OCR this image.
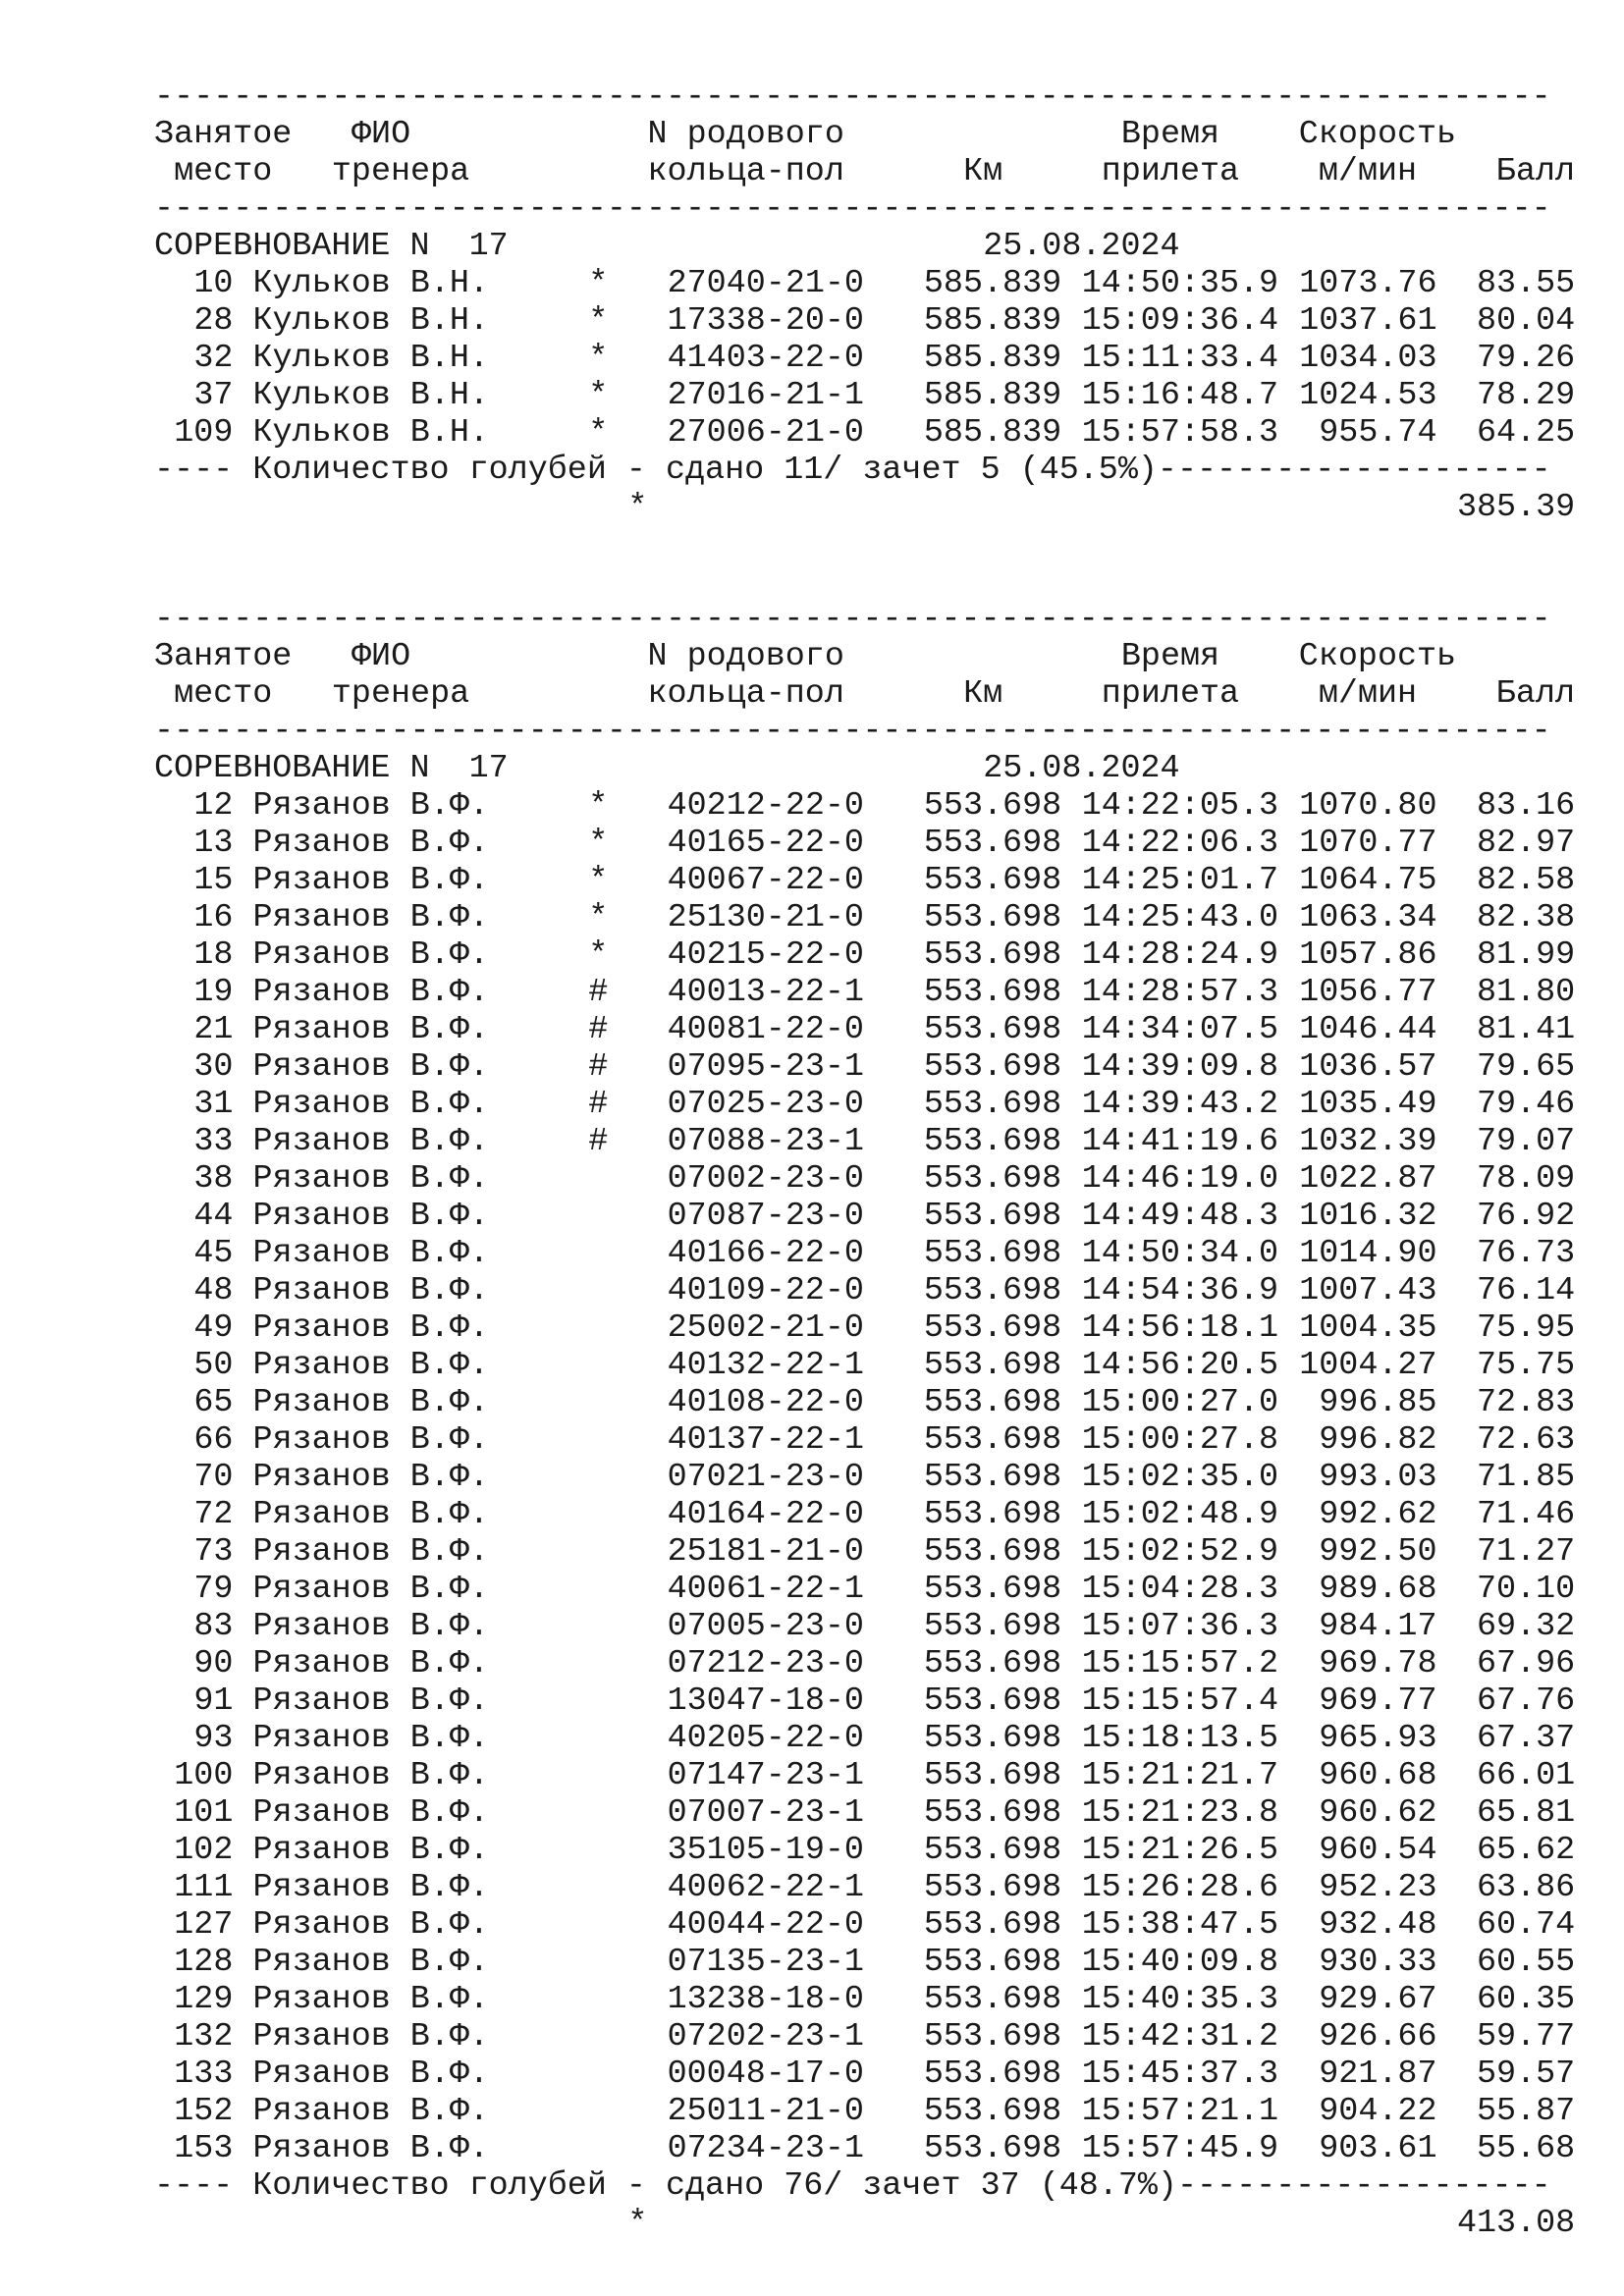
-----------------------------------------------------------------------
Занятое ФИО	N родового	Время Скорость
место тренера	кольца-пол	Км	прилета м/мин Балл
-----------------------------------------------------------------------
СОРЕВНОВАНИЕ N  17	25.08.2024
10 Кульков В.Н.	* 27040-21-0 585.839 14:50:35.9 1073.76	83.55
28 Кульков В.Н.	* 17338-20-0 585.839 15:09:36.4 1037.61	80.04
32 Кульков В.Н.	* 41403-22-0 585.839 15:11:33.4 1034.03	79.26
37 Кульков В.Н.	* 27016-21-1 585.839 15:16:48.7 1024.53	78.29
109 Кульков В.Н.	* 27006-21-0 585.839 15:57:58.3	955.74	64.25
---- Количество голубей - сдано 11/ зачет 5 (45.5%)--------------------
*	385.39
-----------------------------------------------------------------------
Занятое ФИО	N родового	Время Скорость
место тренера	кольца-пол	Км	прилета м/мин Балл
-----------------------------------------------------------------------
СОРЕВНОВАНИЕ N  17	25.08.2024
12 Рязанов В.Ф.	* 40212-22-0 553.698 14:22:05.3 1070.80	83.16
13 Рязанов В.Ф.	* 40165-22-0 553.698 14:22:06.3 1070.77	82.97
15 Рязанов В.Ф.	* 40067-22-0 553.698 14:25:01.7 1064.75	82.58
16 Рязанов В.Ф.	* 25130-21-0 553.698 14:25:43.0 1063.34	82.38
18 Рязанов В.Ф.	* 40215-22-0 553.698 14:28:24.9 1057.86	81.99
19 Рязанов В.Ф.	# 40013-22-1 553.698 14:28:57.3 1056.77	81.80
21 Рязанов В.Ф.	# 40081-22-0 553.698 14:34:07.5 1046.44	81.41
30 Рязанов В.Ф.	# 07095-23-1 553.698 14:39:09.8 1036.57	79.65
31 Рязанов В.Ф.	# 07025-23-0 553.698 14:39:43.2 1035.49	79.46
33 Рязанов В.Ф.	# 07088-23-1 553.698 14:41:19.6 1032.39	79.07
38 Рязанов В.Ф.	07002-23-0 553.698 14:46:19.0 1022.87	78.09
44 Рязанов В.Ф.	07087-23-0 553.698 14:49:48.3 1016.32	76.92
45 Рязанов В.Ф.	40166-22-0 553.698 14:50:34.0 1014.90	76.73
48 Рязанов В.Ф.	40109-22-0 553.698 14:54:36.9 1007.43	76.14
49 Рязанов В.Ф.	25002-21-0 553.698 14:56:18.1 1004.35	75.95
50 Рязанов В.Ф.	40132-22-1 553.698 14:56:20.5 1004.27	75.75
65 Рязанов В.Ф.	40108-22-0 553.698 15:00:27.0	996.85	72.83
66 Рязанов В.Ф.	40137-22-1 553.698 15:00:27.8	996.82	72.63
70 Рязанов В.Ф.	07021-23-0 553.698 15:02:35.0	993.03	71.85
72 Рязанов В.Ф.	40164-22-0 553.698 15:02:48.9	992.62	71.46
73 Рязанов В.Ф.	25181-21-0 553.698 15:02:52.9	992.50	71.27
79 Рязанов В.Ф.	40061-22-1 553.698 15:04:28.3	989.68	70.10
83 Рязанов В.Ф.	07005-23-0 553.698 15:07:36.3	984.17	69.32
90 Рязанов В.Ф.	07212-23-0 553.698 15:15:57.2	969.78	67.96
91 Рязанов В.Ф.	13047-18-0 553.698 15:15:57.4	969.77	67.76
93 Рязанов В.Ф.	40205-22-0 553.698 15:18:13.5	965.93	67.37
100 Рязанов В.Ф.	07147-23-1 553.698 15:21:21.7	960.68	66.01
101 Рязанов В.Ф.	07007-23-1 553.698 15:21:23.8	960.62	65.81
102 Рязанов В.Ф.	35105-19-0 553.698 15:21:26.5	960.54	65.62
111 Рязанов В.Ф.	40062-22-1 553.698 15:26:28.6	952.23	63.86
127 Рязанов В.Ф.	40044-22-0 553.698 15:38:47.5	932.48	60.74
128 Рязанов В.Ф.	07135-23-1 553.698 15:40:09.8	930.33	60.55
129 Рязанов В.Ф.	13238-18-0 553.698 15:40:35.3	929.67	60.35
132 Рязанов В.Ф.	07202-23-1 553.698 15:42:31.2	926.66	59.77
133 Рязанов В.Ф.	00048-17-0 553.698 15:45:37.3	921.87	59.57
152 Рязанов В.Ф.	25011-21-0 553.698 15:57:21.1	904.22	55.87
153 Рязанов В.Ф.	07234-23-1 553.698 15:57:45.9	903.61	55.68
---- Количество голубей - сдано 76/ зачет 37 (48.7%)-------------------
*	413.08
